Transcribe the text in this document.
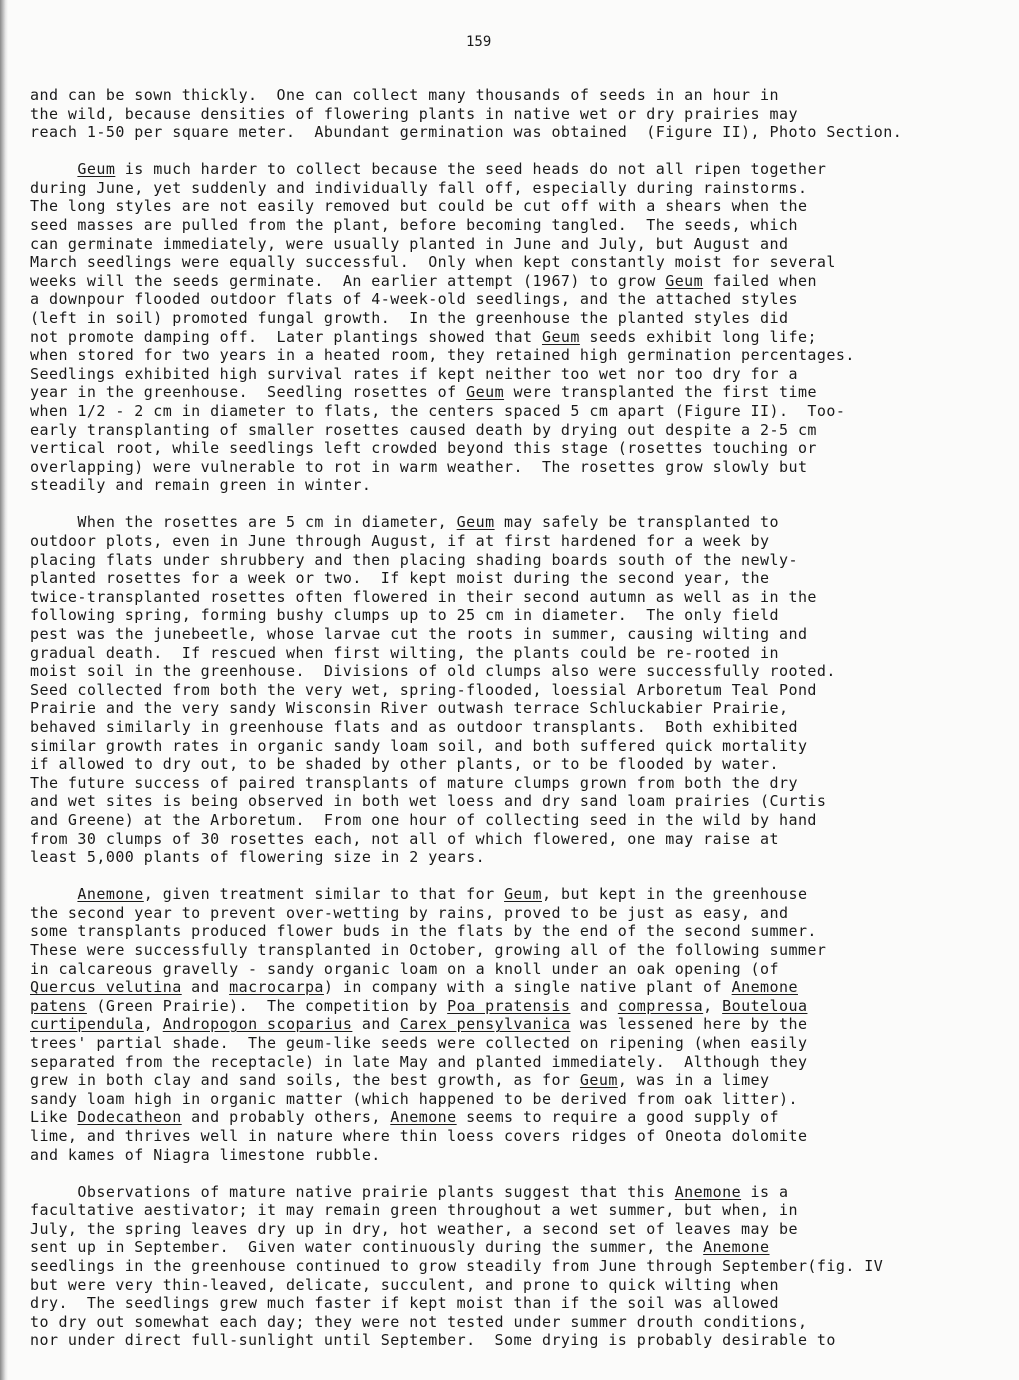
159
and can be sown thickly.  One can collect many thousands of seeds in an hour in
the wild, because densities of flowering plants in native wet or dry prairies may
reach 1-50 per square meter.  Abundant germination was obtained  (Figure II), Photo Section.
Geum is much harder to collect because the seed heads do not all ripen together
during June, yet suddenly and individually fall off, especially during rainstorms.
The long styles are not easily removed but could be cut off with a shears when the
seed masses are pulled from the plant, before becoming tangled.  The seeds, which
can germinate immediately, were usually planted in June and July, but August and
March seedlings were equally successful.  Only when kept constantly moist for several
weeks will the seeds germinate.  An earlier attempt (1967) to grow Geum failed when
a downpour flooded outdoor flats of 4-week-old seedlings, and the attached styles
(left in soil) promoted fungal growth.  In the greenhouse the planted styles did
not promote damping off.  Later plantings showed that Geum seeds exhibit long life;
when stored for two years in a heated room, they retained high germination percentages.
Seedlings exhibited high survival rates if kept neither too wet nor too dry for a
year in the greenhouse.  Seedling rosettes of Geum were transplanted the first time
when 1/2 - 2 cm in diameter to flats, the centers spaced 5 cm apart (Figure II).  Too-
early transplanting of smaller rosettes caused death by drying out despite a 2-5 cm
vertical root, while seedlings left crowded beyond this stage (rosettes touching or
overlapping) were vulnerable to rot in warm weather.  The rosettes grow slowly but
steadily and remain green in winter.
When the rosettes are 5 cm in diameter, Geum may safely be transplanted to
outdoor plots, even in June through August, if at first hardened for a week by
placing flats under shrubbery and then placing shading boards south of the newly-
planted rosettes for a week or two.  If kept moist during the second year, the
twice-transplanted rosettes often flowered in their second autumn as well as in the
following spring, forming bushy clumps up to 25 cm in diameter.  The only field
pest was the junebeetle, whose larvae cut the roots in summer, causing wilting and
gradual death.  If rescued when first wilting, the plants could be re-rooted in
moist soil in the greenhouse.  Divisions of old clumps also were successfully rooted.
Seed collected from both the very wet, spring-flooded, loessial Arboretum Teal Pond
Prairie and the very sandy Wisconsin River outwash terrace Schluckabier Prairie,
behaved similarly in greenhouse flats and as outdoor transplants.  Both exhibited
similar growth rates in organic sandy loam soil, and both suffered quick mortality
if allowed to dry out, to be shaded by other plants, or to be flooded by water.
The future success of paired transplants of mature clumps grown from both the dry
and wet sites is being observed in both wet loess and dry sand loam prairies (Curtis
and Greene) at the Arboretum.  From one hour of collecting seed in the wild by hand
from 30 clumps of 30 rosettes each, not all of which flowered, one may raise at
least 5,000 plants of flowering size in 2 years.
Anemone, given treatment similar to that for Geum, but kept in the greenhouse
the second year to prevent over-wetting by rains, proved to be just as easy, and
some transplants produced flower buds in the flats by the end of the second summer.
These were successfully transplanted in October, growing all of the following summer
in calcareous gravelly - sandy organic loam on a knoll under an oak opening (of
Quercus velutina and macrocarpa) in company with a single native plant of Anemone
patens (Green Prairie).  The competition by Poa pratensis and compressa, Bouteloua
curtipendula, Andropogon scoparius and Carex pensylvanica was lessened here by the
trees' partial shade.  The geum-like seeds were collected on ripening (when easily
separated from the receptacle) in late May and planted immediately.  Although they
grew in both clay and sand soils, the best growth, as for Geum, was in a limey
sandy loam high in organic matter (which happened to be derived from oak litter).
Like Dodecatheon and probably others, Anemone seems to require a good supply of
lime, and thrives well in nature where thin loess covers ridges of Oneota dolomite
and kames of Niagra limestone rubble.
Observations of mature native prairie plants suggest that this Anemone is a
facultative aestivator; it may remain green throughout a wet summer, but when, in
July, the spring leaves dry up in dry, hot weather, a second set of leaves may be
sent up in September.  Given water continuously during the summer, the Anemone
seedlings in the greenhouse continued to grow steadily from June through September(fig. IV
but were very thin-leaved, delicate, succulent, and prone to quick wilting when
dry.  The seedlings grew much faster if kept moist than if the soil was allowed
to dry out somewhat each day; they were not tested under summer drouth conditions,
nor under direct full-sunlight until September.  Some drying is probably desirable to
